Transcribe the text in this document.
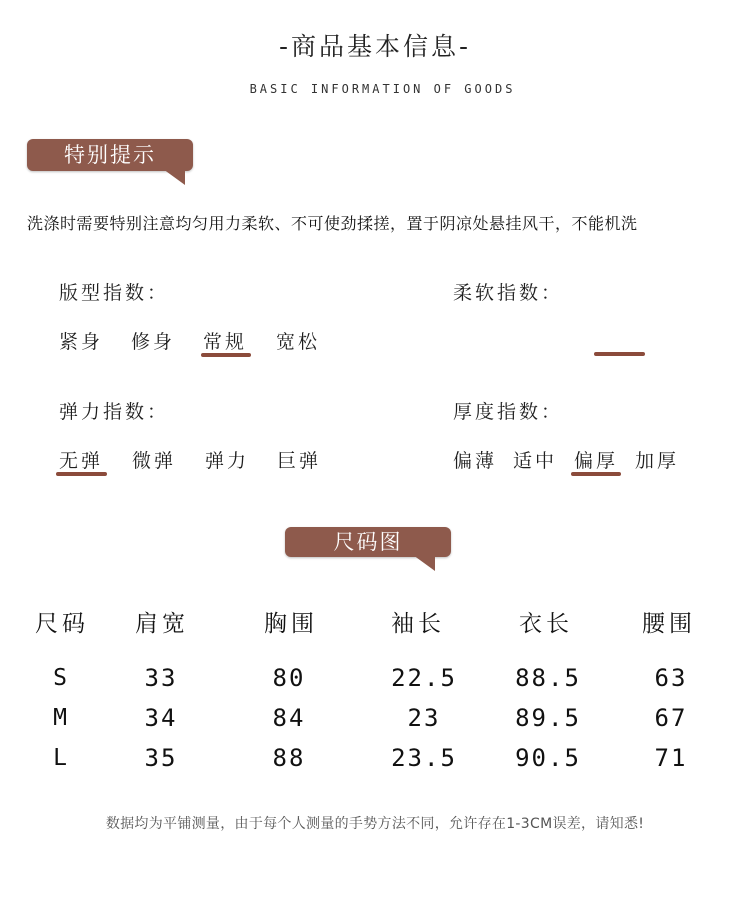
-商品基本信息-
BASIC INFORMATION OF GOODS
特别提示
洗涤时需要特别注意均匀用力柔软、不可使劲揉搓，置于阴凉处悬挂风干，不能机洗
版型指数：
紧身 修身 常规 宽松
柔软指数：
弹力指数：
无弹 微弹 弹力 巨弹
厚度指数：
偏薄 适中 偏厚 加厚
尺码图
尺码	肩宽	胸围	袖长	衣长	腰围
S	33	80	22.5	88.5	63
M	34	84	23	89.5	67
L	35	88	23.5	90.5	71
数据均为平铺测量，由于每个人测量的手势方法不同，允许存在1-3CM误差，请知悉!
